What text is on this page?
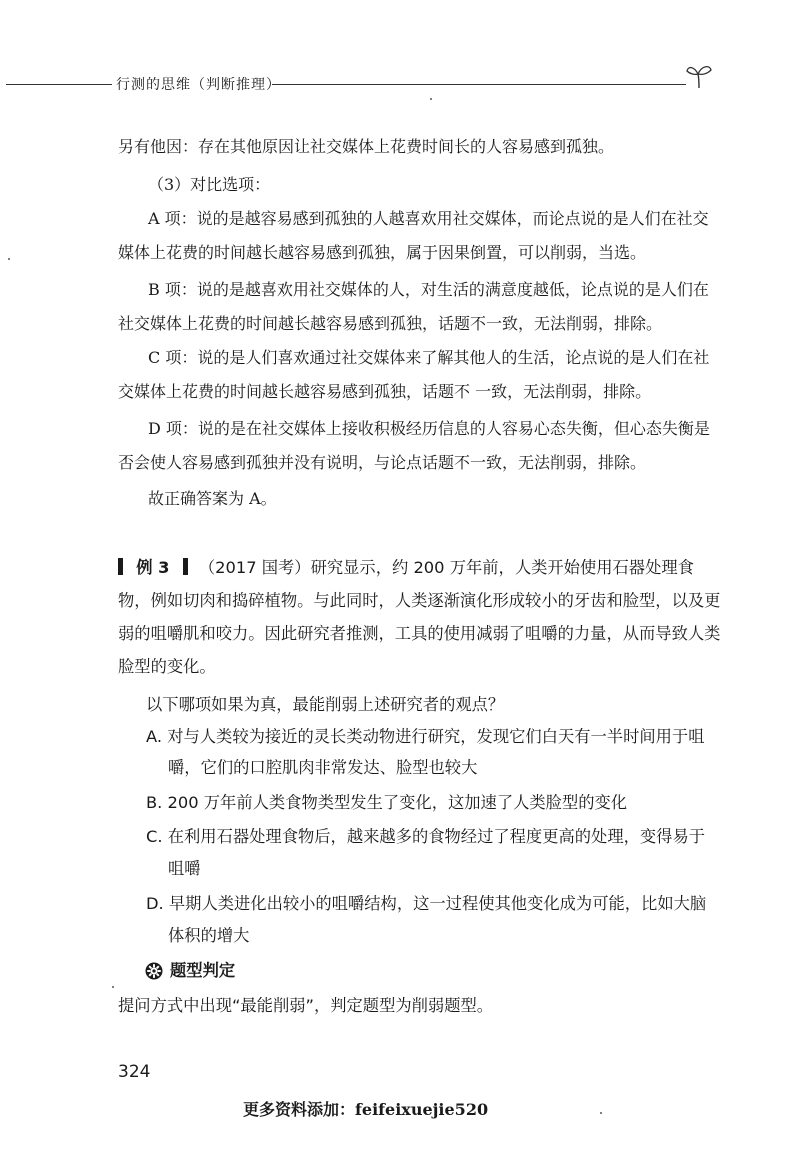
行测的思维（判断推理）
另有他因：存在其他原因让社交媒体上花费时间长的人容易感到孤独。
（3）对比选项：
A 项：说的是越容易感到孤独的人越喜欢用社交媒体，而论点说的是人们在社交
媒体上花费的时间越长越容易感到孤独，属于因果倒置，可以削弱，当选。
B 项：说的是越喜欢用社交媒体的人，对生活的满意度越低，论点说的是人们在
社交媒体上花费的时间越长越容易感到孤独，话题不一致，无法削弱，排除。
C 项：说的是人们喜欢通过社交媒体来了解其他人的生活，论点说的是人们在社
交媒体上花费的时间越长越容易感到孤独，话题不 一致，无法削弱，排除。
D 项：说的是在社交媒体上接收积极经历信息的人容易心态失衡，但心态失衡是
否会使人容易感到孤独并没有说明，与论点话题不一致，无法削弱，排除。
故正确答案为 A。
例 3 （2017 国考）研究显示，约 200 万年前，人类开始使用石器处理食
物，例如切肉和捣碎植物。与此同时，人类逐渐演化形成较小的牙齿和脸型，以及更
弱的咀嚼肌和咬力。因此研究者推测，工具的使用减弱了咀嚼的力量，从而导致人类
脸型的变化。
以下哪项如果为真，最能削弱上述研究者的观点？
A. 对与人类较为接近的灵长类动物进行研究，发现它们白天有一半时间用于咀
嚼，它们的口腔肌肉非常发达、脸型也较大
B. 200 万年前人类食物类型发生了变化，这加速了人类脸型的变化
C. 在利用石器处理食物后，越来越多的食物经过了程度更高的处理，变得易于
咀嚼
D. 早期人类进化出较小的咀嚼结构，这一过程使其他变化成为可能，比如大脑
体积的增大
题型判定
提问方式中出现“最能削弱”，判定题型为削弱题型。
324
更多资料添加：feifeixuejie520
